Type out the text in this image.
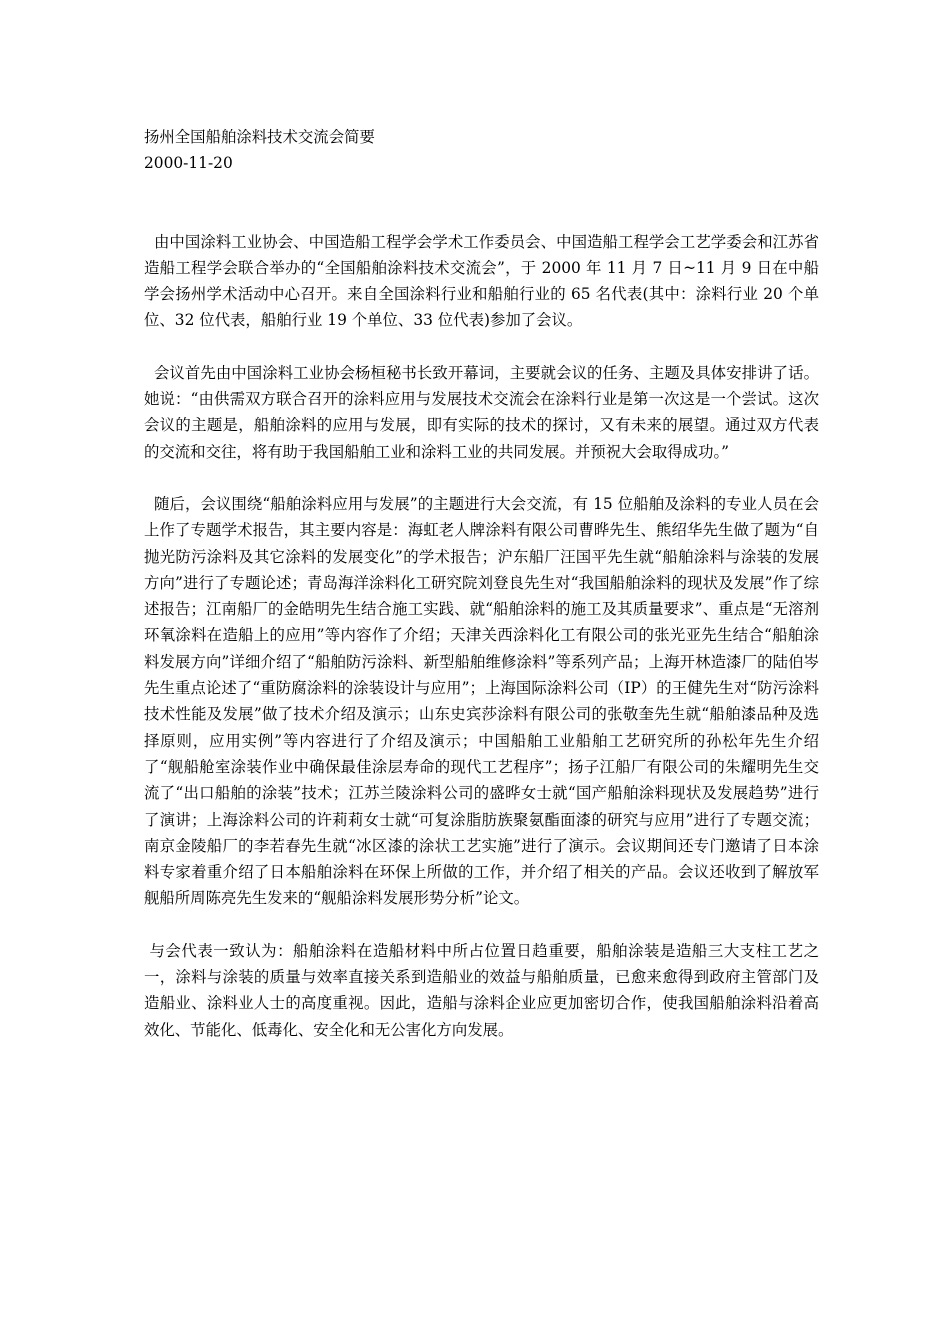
扬州全国船舶涂料技术交流会简要
2000-11-20

由中国涂料工业协会、中国造船工程学会学术工作委员会、中国造船工程学会工艺学委会和江苏省造船工程学会联合举办的“全国船舶涂料技术交流会”，于 2000 年 11 月 7 日~11 月 9 日在中船学会扬州学术活动中心召开。来自全国涂料行业和船舶行业的 65 名代表(其中：涂料行业 20 个单位、32 位代表，船舶行业 19 个单位、33 位代表)参加了会议。

会议首先由中国涂料工业协会杨桓秘书长致开幕词，主要就会议的任务、主题及具体安排讲了话。她说：“由供需双方联合召开的涂料应用与发展技术交流会在涂料行业是第一次这是一个尝试。这次会议的主题是，船舶涂料的应用与发展，即有实际的技术的探讨，又有未来的展望。通过双方代表的交流和交往，将有助于我国船舶工业和涂料工业的共同发展。并预祝大会取得成功。”

随后，会议围绕“船舶涂料应用与发展”的主题进行大会交流，有 15 位船舶及涂料的专业人员在会上作了专题学术报告，其主要内容是：海虹老人牌涂料有限公司曹晔先生、熊绍华先生做了题为“自抛光防污涂料及其它涂料的发展变化”的学术报告；沪东船厂汪国平先生就“船舶涂料与涂装的发展方向”进行了专题论述；青岛海洋涂料化工研究院刘登良先生对“我国船舶涂料的现状及发展”作了综述报告；江南船厂的金皓明先生结合施工实践、就“船舶涂料的施工及其质量要求”、重点是“无溶剂环氧涂料在造船上的应用”等内容作了介绍；天津关西涂料化工有限公司的张光亚先生结合“船舶涂料发展方向”详细介绍了“船舶防污涂料、新型船舶维修涂料”等系列产品；上海开林造漆厂的陆伯岑先生重点论述了“重防腐涂料的涂装设计与应用”；上海国际涂料公司（IP）的王健先生对“防污涂料技术性能及发展”做了技术介绍及演示；山东史宾莎涂料有限公司的张敬奎先生就“船舶漆品种及选择原则，应用实例”等内容进行了介绍及演示；中国船舶工业船舶工艺研究所的孙松年先生介绍了“舰船舱室涂装作业中确保最佳涂层寿命的现代工艺程序”；扬子江船厂有限公司的朱耀明先生交流了“出口船舶的涂装”技术；江苏兰陵涂料公司的盛晔女士就“国产船舶涂料现状及发展趋势”进行了演讲；上海涂料公司的许莉莉女士就“可复涂脂肪族聚氨酯面漆的研究与应用”进行了专题交流；南京金陵船厂的李若春先生就“冰区漆的涂状工艺实施”进行了演示。会议期间还专门邀请了日本涂料专家着重介绍了日本船舶涂料在环保上所做的工作，并介绍了相关的产品。会议还收到了解放军舰船所周陈亮先生发来的“舰船涂料发展形势分析”论文。

与会代表一致认为：船舶涂料在造船材料中所占位置日趋重要，船舶涂装是造船三大支柱工艺之一，涂料与涂装的质量与效率直接关系到造船业的效益与船舶质量，已愈来愈得到政府主管部门及造船业、涂料业人士的高度重视。因此，造船与涂料企业应更加密切合作，使我国船舶涂料沿着高效化、节能化、低毒化、安全化和无公害化方向发展。
